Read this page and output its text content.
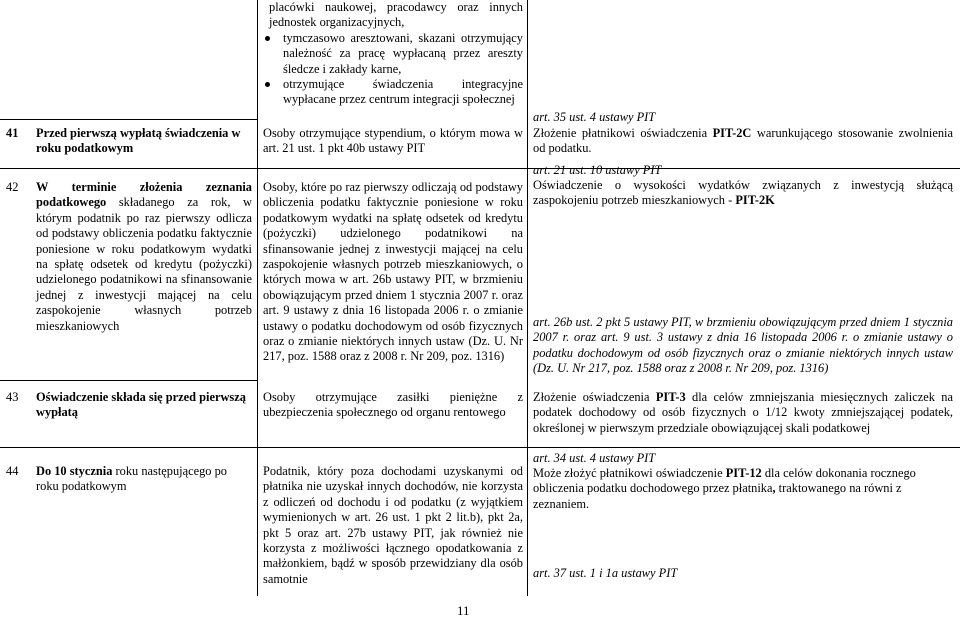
placówki naukowej, pracodawcy oraz innych jednostek organizacyjnych,
tymczasowo aresztowani, skazani otrzymujący należność za pracę wypłacaną przez areszty śledcze i zakłady karne,
otrzymujące świadczenia integracyjne wypłacane przez centrum integracji społecznej
41 Przed pierwszą wypłatą świadczenia w roku podatkowym
Osoby otrzymujące stypendium, o którym mowa w art. 21 ust. 1 pkt 40b ustawy PIT
art. 35 ust. 4 ustawy PIT
Złożenie płatnikowi oświadczenia PIT-2C warunkującego stosowanie zwolnienia od podatku.
42 W terminie złożenia zeznania podatkowego składanego za rok, w którym podatnik po raz pierwszy odlicza od podstawy obliczenia podatku faktycznie poniesione w roku podatkowym wydatki na spłatę odsetek od kredytu (pożyczki) udzielonego podatnikowi na sfinansowanie jednej z inwestycji mającej na celu zaspokojenie własnych potrzeb mieszkaniowych
Osoby, które po raz pierwszy odliczają od podstawy obliczenia podatku faktycznie poniesione w roku podatkowym wydatki na spłatę odsetek od kredytu (pożyczki) udzielonego podatnikowi na sfinansowanie jednej z inwestycji mającej na celu zaspokojenie własnych potrzeb mieszkaniowych, o których mowa w art. 26b ustawy PIT, w brzmieniu obowiązującym przed dniem 1 stycznia 2007 r. oraz art. 9 ustawy z dnia 16 listopada 2006 r. o zmianie ustawy o podatku dochodowym od osób fizycznych oraz o zmianie niektórych innych ustaw (Dz. U. Nr 217, poz. 1588 oraz z 2008 r. Nr 209, poz. 1316)
art. 21 ust. 10 ustawy PIT
Oświadczenie o wysokości wydatków związanych z inwestycją służącą zaspokojeniu potrzeb mieszkaniowych - PIT-2K
art. 26b ust. 2 pkt 5 ustawy PIT, w brzmieniu obowiązującym przed dniem 1 stycznia 2007 r. oraz art. 9 ust. 3 ustawy z dnia 16 listopada 2006 r. o zmianie ustawy o podatku dochodowym od osób fizycznych oraz o zmianie niektórych innych ustaw (Dz. U. Nr 217, poz. 1588 oraz z 2008 r. Nr 209, poz. 1316)
43 Oświadczenie składa się przed pierwszą wypłatą
Osoby otrzymujące zasiłki pieniężne z ubezpieczenia społecznego od organu rentowego
Złożenie oświadczenia PIT-3 dla celów zmniejszania miesięcznych zaliczek na podatek dochodowy od osób fizycznych o 1/12 kwoty zmniejszającej podatek, określonej w pierwszym przedziale obowiązującej skali podatkowej
44 Do 10 stycznia roku następującego po roku podatkowym
Podatnik, który poza dochodami uzyskanymi od płatnika nie uzyskał innych dochodów, nie korzysta z odliczeń od dochodu i od podatku (z wyjątkiem wymienionych w art. 26 ust. 1 pkt 2 lit.b), pkt 2a, pkt 5 oraz art. 27b ustawy PIT, jak również nie korzysta z możliwości łącznego opodatkowania z małżonkiem, bądź w sposób przewidziany dla osób samotnie
art. 34 ust. 4 ustawy PIT
Może złożyć płatnikowi oświadczenie PIT-12 dla celów dokonania rocznego obliczenia podatku dochodowego przez płatnika, traktowanego na równi z zeznaniem.
art. 37 ust. 1 i 1a ustawy PIT
11
